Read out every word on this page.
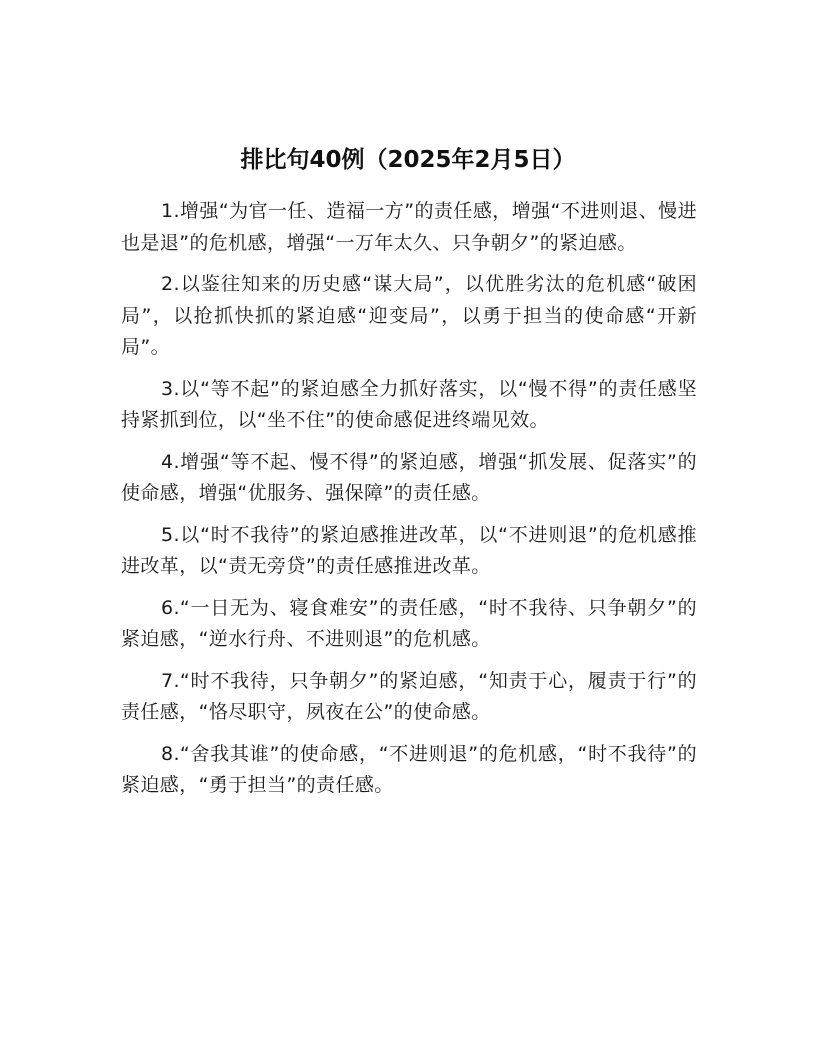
排比句40例（2025年2月5日）

1.增强“为官一任、造福一方”的责任感，增强“不进则退、慢进也是退”的危机感，增强“一万年太久、只争朝夕”的紧迫感。

2.以鉴往知来的历史感“谋大局”，以优胜劣汰的危机感“破困局”，以抢抓快抓的紧迫感“迎变局”，以勇于担当的使命感“开新局”。

3.以“等不起”的紧迫感全力抓好落实，以“慢不得”的责任感坚持紧抓到位，以“坐不住”的使命感促进终端见效。

4.增强“等不起、慢不得”的紧迫感，增强“抓发展、促落实”的使命感，增强“优服务、强保障”的责任感。

5.以“时不我待”的紧迫感推进改革，以“不进则退”的危机感推进改革，以“责无旁贷”的责任感推进改革。

6.“一日无为、寝食难安”的责任感，“时不我待、只争朝夕”的紧迫感，“逆水行舟、不进则退”的危机感。

7.“时不我待，只争朝夕”的紧迫感，“知责于心，履责于行”的责任感，“恪尽职守，夙夜在公”的使命感。

8.“舍我其谁”的使命感，“不进则退”的危机感，“时不我待”的紧迫感，“勇于担当”的责任感。
